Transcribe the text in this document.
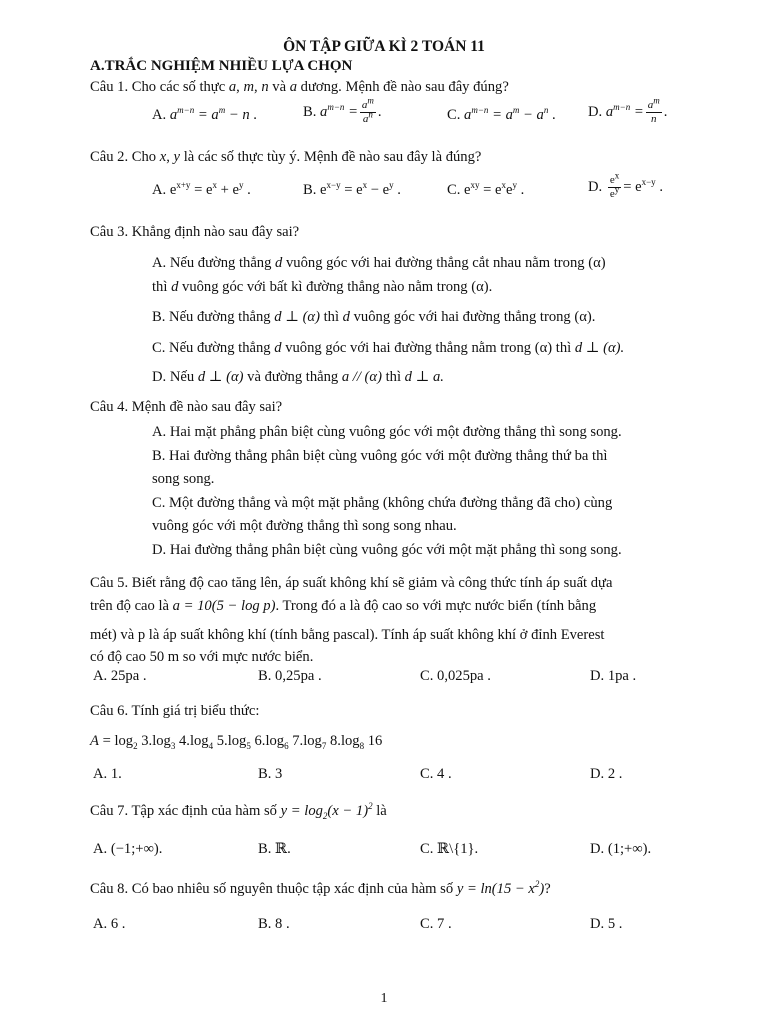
ÔN TẬP GIỮA KÌ 2 TOÁN 11
A.TRẮC NGHIỆM NHIỀU LỰA CHỌN
Câu 1. Cho các số thực a, m, n và a dương. Mệnh đề nào sau đây đúng?
A. $a^{m-n} = a^m - n$ .	B. $a^{m-n} = \frac{a^m}{a^n}$ .	C. $a^{m-n} = a^m - a^n$ . D. $a^{m-n} = \frac{a^m}{n}$ .
Câu 2. Cho x, y là các số thực tùy ý. Mệnh đề nào sau đây là đúng?
A. $e^{x+y} = e^x + e^y$ .	B. $e^{x-y} = e^x - e^y$ .	C. $e^{xy} = e^xe^y$ .	D. $\frac{e^x}{e^y} = e^{x-y}$ .
Câu 3. Khẳng định nào sau đây sai?
A. Nếu đường thẳng d vuông góc với hai đường thẳng cắt nhau nằm trong (α)
thì d vuông góc với bất kì đường thẳng nào nằm trong (α).
B. Nếu đường thẳng d ⊥ (α) thì d vuông góc với hai đường thẳng trong (α).
C. Nếu đường thẳng d vuông góc với hai đường thẳng nằm trong (α) thì d ⊥ (α).
D. Nếu d ⊥ (α) và đường thẳng a // (α) thì d ⊥ a.
Câu 4. Mệnh đề nào sau đây sai?
A. Hai mặt phẳng phân biệt cùng vuông góc với một đường thẳng thì song song.
B. Hai đường thẳng phân biệt cùng vuông góc với một đường thẳng thứ ba thì
song song.
C. Một đường thẳng và một mặt phẳng (không chứa đường thẳng đã cho) cùng
vuông góc với một đường thẳng thì song song nhau.
D. Hai đường thẳng phân biệt cùng vuông góc với một mặt phẳng thì song song.
Câu 5. Biết rằng độ cao tăng lên, áp suất không khí sẽ giảm và công thức tính áp suất dựa
trên độ cao là a = 10(5 − log p). Trong đó a là độ cao so với mực nước biển (tính bằng
mét) và p là áp suất không khí (tính bằng pascal). Tính áp suất không khí ở đỉnh Everest
có độ cao 50 m so với mực nước biển.
A. 25pa .	B. 0,25pa .	C. 0,025pa .	D. 1pa .
Câu 6. Tính giá trị biểu thức:
$A = \log_2 3.\log_3$ $4.\log_4$ $5.\log_5$ $6.\log_6$ $7.\log_7$ $8.\log_8$ 16
A. 1.	B. 3	C. 4 .	D. 2 .
Câu 7. Tập xác định của hàm số $y = \log_2(x - 1)^2$ là
A. (−1;+∞).	B. ℝ.	C. ℝ\{1}.	D. (1;+∞).
Câu 8. Có bao nhiêu số nguyên thuộc tập xác định của hàm số $y = \ln(15 - x^2)$?
A. 6 .	B. 8 .	C. 7 .	D. 5 .
1
